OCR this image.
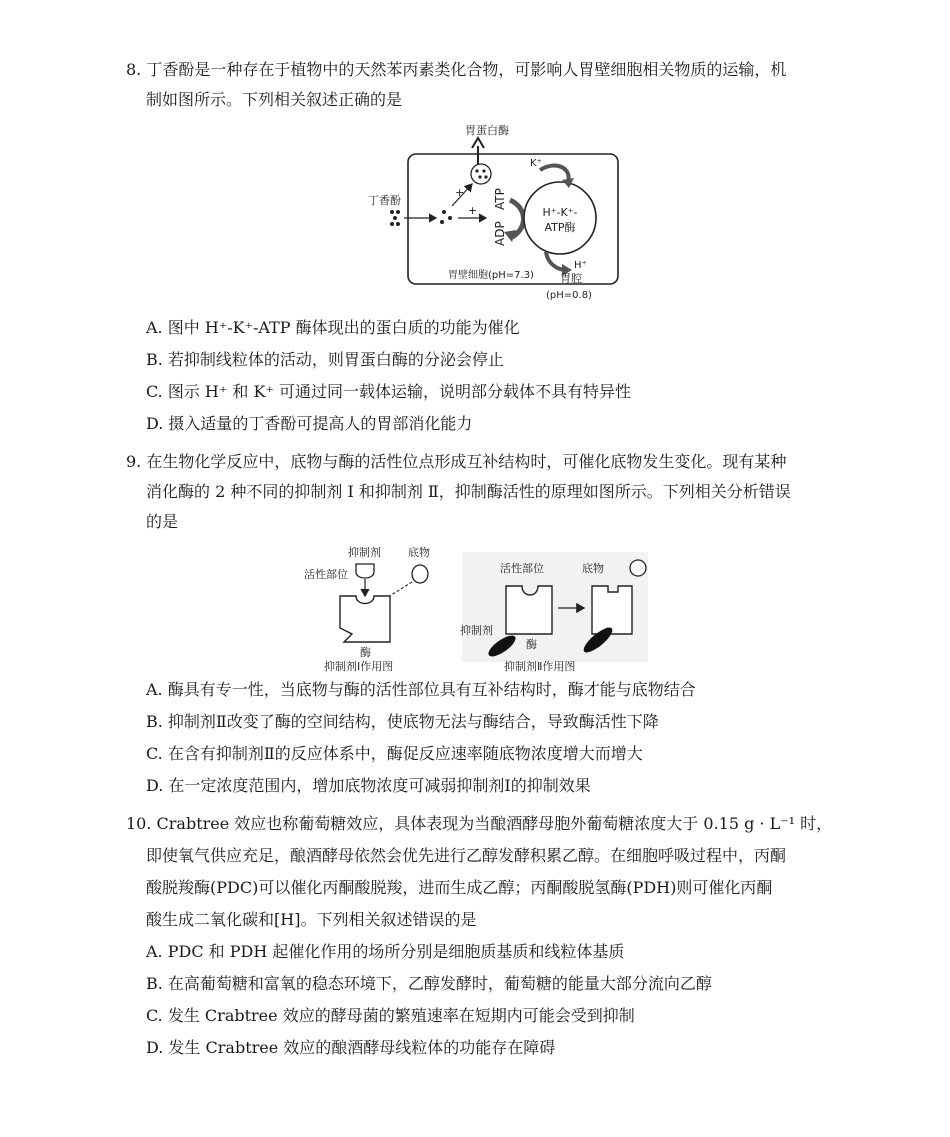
8. 丁香酚是一种存在于植物中的天然苯丙素类化合物，可影响人胃壁细胞相关物质的运输，机
制如图所示。下列相关叙述正确的是
胃蛋白酶
丁香酚
+
+
ATP
ADP
H⁺-K⁺-
ATP酶
K⁺
胃壁细胞(pH=7.3)
H⁺
胃腔
(pH=0.8)
A. 图中 H⁺-K⁺-ATP 酶体现出的蛋白质的功能为催化
B. 若抑制线粒体的活动，则胃蛋白酶的分泌会停止
C. 图示 H⁺ 和 K⁺ 可通过同一载体运输，说明部分载体不具有特异性
D. 摄入适量的丁香酚可提高人的胃部消化能力
9. 在生物化学反应中，底物与酶的活性位点形成互补结构时，可催化底物发生变化。现有某种
消化酶的 2 种不同的抑制剂 Ⅰ 和抑制剂 Ⅱ，抑制酶活性的原理如图所示。下列相关分析错误
的是
抑制剂 底物
活性部位
酶
抑制剂Ⅰ作用图
活性部位	底物
酶
抑制剂
抑制剂Ⅱ作用图
A. 酶具有专一性，当底物与酶的活性部位具有互补结构时，酶才能与底物结合
B. 抑制剂Ⅱ改变了酶的空间结构，使底物无法与酶结合，导致酶活性下降
C. 在含有抑制剂Ⅱ的反应体系中，酶促反应速率随底物浓度增大而增大
D. 在一定浓度范围内，增加底物浓度可减弱抑制剂Ⅰ的抑制效果
10. Crabtree 效应也称葡萄糖效应，具体表现为当酿酒酵母胞外葡萄糖浓度大于 0.15 g · L⁻¹ 时，
即使氧气供应充足，酿酒酵母依然会优先进行乙醇发酵积累乙醇。在细胞呼吸过程中，丙酮
酸脱羧酶(PDC)可以催化丙酮酸脱羧，进而生成乙醇；丙酮酸脱氢酶(PDH)则可催化丙酮
酸生成二氧化碳和[H]。下列相关叙述错误的是
A. PDC 和 PDH 起催化作用的场所分别是细胞质基质和线粒体基质
B. 在高葡萄糖和富氧的稳态环境下，乙醇发酵时，葡萄糖的能量大部分流向乙醇
C. 发生 Crabtree 效应的酵母菌的繁殖速率在短期内可能会受到抑制
D. 发生 Crabtree 效应的酿酒酵母线粒体的功能存在障碍
